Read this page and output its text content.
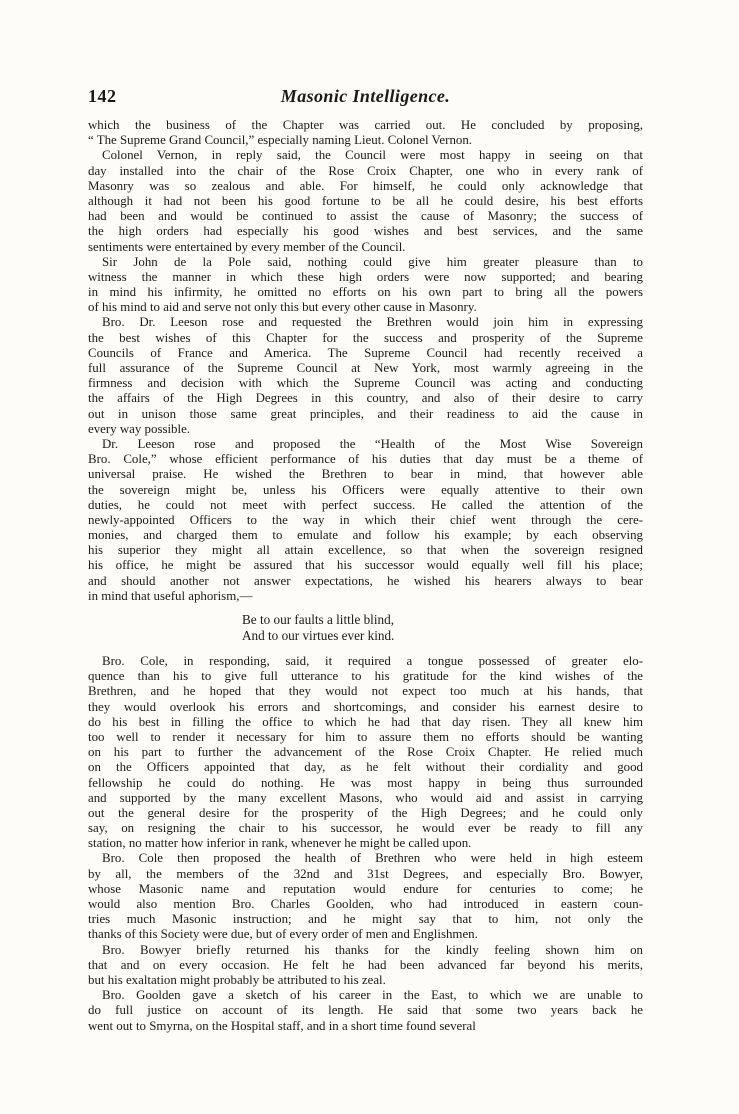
142	Masonic Intelligence.
which the business of the Chapter was carried out. He concluded by proposing,
“ The Supreme Grand Council,” especially naming Lieut. Colonel Vernon.
Colonel Vernon, in reply said, the Council were most happy in seeing on that
day installed into the chair of the Rose Croix Chapter, one who in every rank of
Masonry was so zealous and able. For himself, he could only acknowledge that
although it had not been his good fortune to be all he could desire, his best efforts
had been and would be continued to assist the cause of Masonry; the success of
the high orders had especially his good wishes and best services, and the same
sentiments were entertained by every member of the Council.
Sir John de la Pole said, nothing could give him greater pleasure than to
witness the manner in which these high orders were now supported; and bearing
in mind his infirmity, he omitted no efforts on his own part to bring all the powers
of his mind to aid and serve not only this but every other cause in Masonry.
Bro. Dr. Leeson rose and requested the Brethren would join him in expressing
the best wishes of this Chapter for the success and prosperity of the Supreme
Councils of France and America. The Supreme Council had recently received a
full assurance of the Supreme Council at New York, most warmly agreeing in the
firmness and decision with which the Supreme Council was acting and conducting
the affairs of the High Degrees in this country, and also of their desire to carry
out in unison those same great principles, and their readiness to aid the cause in
every way possible.
Dr. Leeson rose and proposed the “Health of the Most Wise Sovereign
Bro. Cole,” whose efficient performance of his duties that day must be a theme of
universal praise. He wished the Brethren to bear in mind, that however able
the sovereign might be, unless his Officers were equally attentive to their own
duties, he could not meet with perfect success. He called the attention of the
newly-appointed Officers to the way in which their chief went through the cere-
monies, and charged them to emulate and follow his example; by each observing
his superior they might all attain excellence, so that when the sovereign resigned
his office, he might be assured that his successor would equally well fill his place;
and should another not answer expectations, he wished his hearers always to bear
in mind that useful aphorism,—
Be to our faults a little blind,
And to our virtues ever kind.
Bro. Cole, in responding, said, it required a tongue possessed of greater elo-
quence than his to give full utterance to his gratitude for the kind wishes of the
Brethren, and he hoped that they would not expect too much at his hands, that
they would overlook his errors and shortcomings, and consider his earnest desire to
do his best in filling the office to which he had that day risen. They all knew him
too well to render it necessary for him to assure them no efforts should be wanting
on his part to further the advancement of the Rose Croix Chapter. He relied much
on the Officers appointed that day, as he felt without their cordiality and good
fellowship he could do nothing. He was most happy in being thus surrounded
and supported by the many excellent Masons, who would aid and assist in carrying
out the general desire for the prosperity of the High Degrees; and he could only
say, on resigning the chair to his successor, he would ever be ready to fill any
station, no matter how inferior in rank, whenever he might be called upon.
Bro. Cole then proposed the health of Brethren who were held in high esteem
by all, the members of the 32nd and 31st Degrees, and especially Bro. Bowyer,
whose Masonic name and reputation would endure for centuries to come; he
would also mention Bro. Charles Goolden, who had introduced in eastern coun-
tries much Masonic instruction; and he might say that to him, not only the
thanks of this Society were due, but of every order of men and Englishmen.
Bro. Bowyer briefly returned his thanks for the kindly feeling shown him on
that and on every occasion. He felt he had been advanced far beyond his merits,
but his exaltation might probably be attributed to his zeal.
Bro. Goolden gave a sketch of his career in the East, to which we are unable to
do full justice on account of its length. He said that some two years back he
went out to Smyrna, on the Hospital staff, and in a short time found several
